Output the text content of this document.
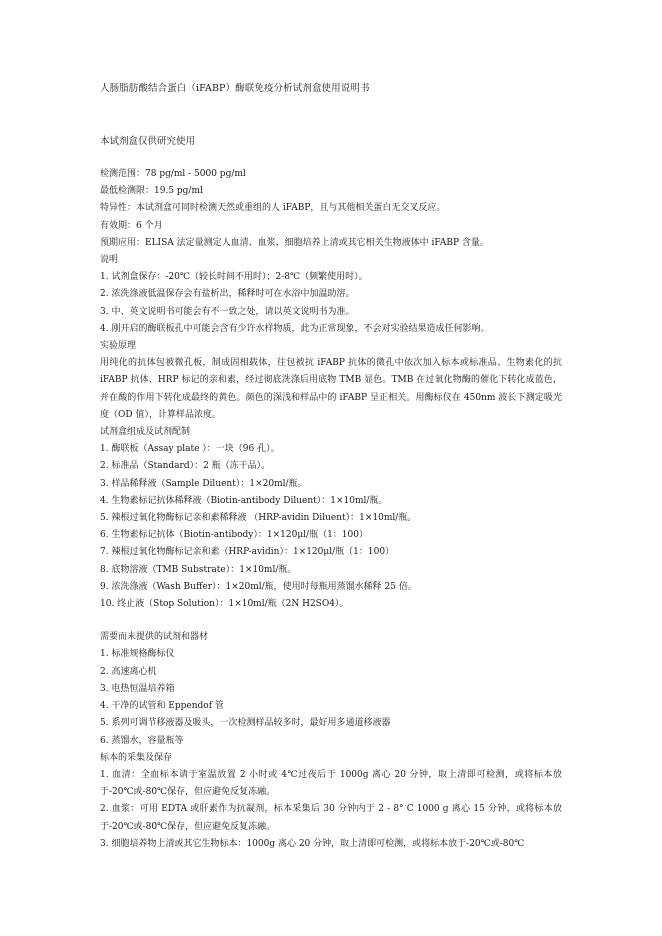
人肠脂肪酸结合蛋白（iFABP）酶联免疫分析试剂盒使用说明书
本试剂盒仅供研究使用
检测范围：78 pg/ml - 5000 pg/ml
最低检测限：19.5 pg/ml
特异性：本试剂盒可同时检测天然或重组的人 iFABP，且与其他相关蛋白无交叉反应。
有效期：6 个月
预期应用：ELISA 法定量测定人血清、血浆、细胞培养上清或其它相关生物液体中 iFABP 含量。
说明
1. 试剂盒保存：-20℃（较长时间不用时）；2-8℃（频繁使用时）。
2. 浓洗涤液低温保存会有盐析出，稀释时可在水浴中加温助溶。
3. 中、英文说明书可能会有不一致之处，请以英文说明书为准。
4. 刚开启的酶联板孔中可能会含有少许水样物质，此为正常现象，不会对实验结果造成任何影响。
实验原理
用纯化的抗体包被微孔板，制成固相载体，往包被抗 iFABP 抗体的微孔中依次加入标本或标准品、生物素化的抗 iFABP 抗体、HRP 标记的亲和素，经过彻底洗涤后用底物 TMB 显色。TMB 在过氧化物酶的催化下转化成蓝色，并在酸的作用下转化成最终的黄色。颜色的深浅和样品中的 iFABP 呈正相关。用酶标仪在 450nm 波长下测定吸光度（OD 值），计算样品浓度。
试剂盒组成及试剂配制
1. 酶联板（Assay plate ）：一块（96 孔）。
2. 标准品（Standard）：2 瓶（冻干品）。
3. 样品稀释液（Sample Diluent）：1×20ml/瓶。
4. 生物素标记抗体稀释液（Biotin-antibody Diluent）：1×10ml/瓶。
5. 辣根过氧化物酶标记亲和素稀释液 （HRP-avidin Diluent）：1×10ml/瓶。
6. 生物素标记抗体（Biotin-antibody）：1×120μl/瓶（1：100）
7. 辣根过氧化物酶标记亲和素（HRP-avidin）：1×120μl/瓶（1：100）
8. 底物溶液（TMB Substrate）：1×10ml/瓶。
9. 浓洗涤液（Wash Buffer）：1×20ml/瓶，使用时每瓶用蒸馏水稀释 25 倍。
10. 终止液（Stop Solution）：1×10ml/瓶（2N H2SO4）。
需要而未提供的试剂和器材
1. 标准规格酶标仪
2. 高速离心机
3. 电热恒温培养箱
4. 干净的试管和 Eppendof 管
5. 系列可调节移液器及吸头，一次检测样品较多时，最好用多通道移液器
6. 蒸馏水，容量瓶等
标本的采集及保存
1. 血清：全血标本请于室温放置 2 小时或 4℃过夜后于 1000g 离心 20 分钟，取上清即可检测，或将标本放于-20℃或-80℃保存，但应避免反复冻融。
2. 血浆：可用 EDTA 或肝素作为抗凝剂，标本采集后 30 分钟内于 2 - 8° C 1000 g 离心 15 分钟，或将标本放于-20℃或-80℃保存，但应避免反复冻融。
3. 细胞培养物上清或其它生物标本：1000g 离心 20 分钟，取上清即可检测，或将标本放于-20℃或-80℃
